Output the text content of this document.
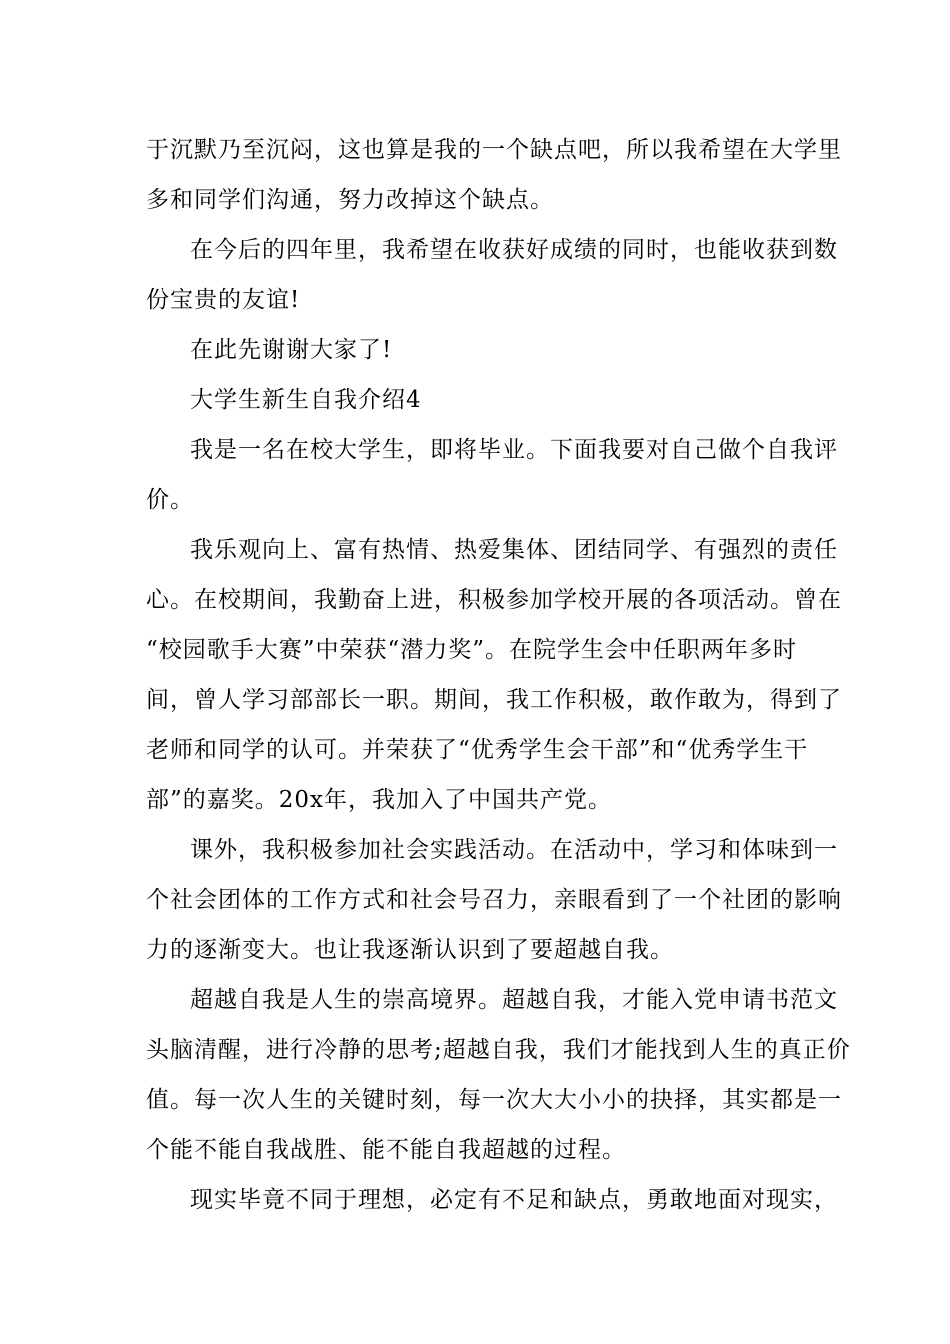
于沉默乃至沉闷，这也算是我的一个缺点吧，所以我希望在大学里
多和同学们沟通，努力改掉这个缺点。
在今后的四年里，我希望在收获好成绩的同时，也能收获到数
份宝贵的友谊!
在此先谢谢大家了!
大学生新生自我介绍4
我是一名在校大学生，即将毕业。下面我要对自己做个自我评
价。
我乐观向上、富有热情、热爱集体、团结同学、有强烈的责任
心。在校期间，我勤奋上进，积极参加学校开展的各项活动。曾在
“校园歌手大赛”中荣获“潜力奖”。在院学生会中任职两年多时
间，曾人学习部部长一职。期间，我工作积极，敢作敢为，得到了
老师和同学的认可。并荣获了“优秀学生会干部”和“优秀学生干
部”的嘉奖。20x年，我加入了中国共产党。
课外，我积极参加社会实践活动。在活动中，学习和体味到一
个社会团体的工作方式和社会号召力，亲眼看到了一个社团的影响
力的逐渐变大。也让我逐渐认识到了要超越自我。
超越自我是人生的崇高境界。超越自我，才能入党申请书范文
头脑清醒，进行冷静的思考;超越自我，我们才能找到人生的真正价
值。每一次人生的关键时刻，每一次大大小小的抉择，其实都是一
个能不能自我战胜、能不能自我超越的过程。
现实毕竟不同于理想，必定有不足和缺点，勇敢地面对现实，
